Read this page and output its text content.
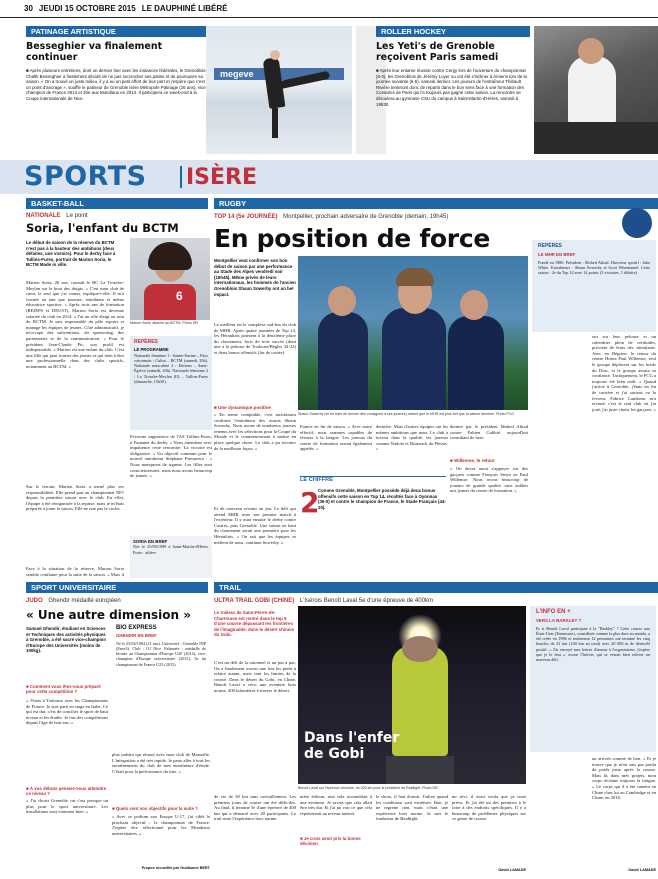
30 JEUDI 15 OCTOBRE 2015 LE DAUPHINÉ LIBÉRÉ
PATINAGE ARTISTIQUE
Besseghier va finalement continuer
■ Après plusieurs entretiens, dont un dernier hier avec les instances fédérales, le Grenoblois Chafik Besseghier a finalement décidé de ne pas raccrocher ses patins et de poursuivre sa saison. « On a trouvé un juste milieu, il y a eu un petit effort de leur part et j'espère que c'est un point d'ancrage », souffle le patineur de Grenoble isère Métropole Patinage (26 ans), vice champion de France 2013 et 20e aux Mondiaux en 2014. Il participera ce week-end à la Coupe internationale de Nice.
megeve
ROLLER HOCKEY
Les Yeti's de Grenoble reçoivent Paris samedi
■ Après leur entame réussie contre Cergy lors de l'ouverture du championnat (8-3), les Grenoblois de Jérémy Loyer ou ont été s'incliner à Amiens lors de la journée suivante (6-5), samedi dernier. Les joueurs de l'entraîneur Thibault Rivière tenteront donc de repartir dans le bon sens face à une formation des Corsaires de Paris qui l'a toujours pas gagné cette saison. La rencontre se déroulera au gymnase CSU du campus à Saint-Martin-d'Hères, samedi à 19h30.
SPORTS ISÈRE
BASKET-BALL
NATIONALE Le point
Soria, l'enfant du BCTM
Le début de saison de la réserve du BCTM n'est pas à la hauteur des ambitions (deux défaites, une victoire). Pour le derby face à Tullins-Fures, portrait de Marion Soria, le BCTM Made in ville.
6
Marion Soria, attaché au BCTM. Photo DR
Marion Soria, 26 ans, connaît le BC La Tronche-Meylan sur le bout des doigts. « C'est mon club de cœur, le seul que j'ai connu, explique-t-elle. Il m'a formée en tant que joueuse, entraîneur et même éducatrice sportive. » Après trois ans de formation (BEJEPS et DEUST), Marion Soria est devenue salariée du club en 2014. « J'ai un rôle élargi au sein du BCTM. Je suis responsable du pôle espoirs et manage les équipes de jeunes. Côté administratif, je m'occupe des subventions, du sponsoring, des partenariats et de la communication. » Pour le président Jean-Claude Pic, son profil est indispensable. « Marion est une enfant du club. C'est une fille qui peut former des jeunes et qui tient à être une professionnelle dans des clubs sportifs, notamment au BCTM. »
Sur le terrain, Marion Soria a mené plus ses responsabilités. Elle prend part au championnat NF1 depuis la première saison avec le club. En effet, l'équipe a été réorganisée à la reprise, mais je m'étais préparée à jouer la saison. Elle ne rate pas le coche.
REPÈRES
LE PROGRAMME
Nationale féminine 1 : Sainte-Savine – Pays voironnais ; Cultur – BCTM (samedi, 20h). Nationale masculine 2 : Decines – Saint-Égrève (samedi, 20h). Nationale féminine 2 : La Tronche-Meylan (II) – Tullins-Fures (dimanche, 15h30).
Fervente supportrice de l'AS Tullins-Fures, à Fontaine du derby. « Nous attendons avec impatience cette rencontre. La victoire est obligatoire. » Un objectif commun pour le nouvel entraîneur Stéphane Primavera : « Nous manquons de rigueur. Les filles sont consciencieuses, mais nous avons beaucoup de jeunes. »
SORIA EN BREF
Née le 25/09/1989 à Saint-Martin-d'Hères. Poste : ailière.
Face à la situation de la réserve, Marion Soria semble confiante pour la suite de la saison. « Mais il
RUGBY
TOP 14 (5e JOURNÉE) Montpellier, prochain adversaire de Grenoble (demain, 19h45)
En position de force
Montpellier veut confirmer son bon début de saison par une performance au Stade des Alpes vendredi soir (19h45). Même privés de leurs internationaux, les hommes de l'ancien Grenoblois Shaun Sowerby ont un bel impact.
Shaun Sowerby (ici en train de donner des consignes à ses joueurs) estime que le MHR est plus fort que la saison dernière. Photo FCG
Le meilleur est le complexe sud-bas du club de MHR. Après quatre journées de Top 14, les Héraultais pointent à la deuxième place du classement, forts de trois succès (dont une à la pelouse de Toulouse/Bègles 34-23) et deux bonus offensifs (fin de courte).
■ Une dynamique positive
« En terme comptable, c'est satisfaisant confirme l'entraîneur des avants Shaun Sowerby. Nous avons de nombreux joueurs retenus avec les sélections pour la Coupe du Monde et le commencement à mettre en place quelque chose. Le club a pu recruter de la meilleure façon. »
Et de nouveau revenir au jeu. Le défi qui attend MHR reste son premier match à l'extérieur. Il y aura ensuite le derby contre Castres, puis Grenoble. Une saison en haut du classement serait une première pour les Héraultais. « On sait que les équipes se méfient de nous, continue Sowerby. »
France en fin de saison. « Avec notre effectif, nous sommes capables de résister à la fatigue. Les joueurs du centre de formation seront également appelés. »
dernière. Mais d'autres équipes ont les mêmes ambitions que nous. Le club a investi dans la qualité, les joueurs comme Nadolo et Bismarck du Plessis. »
LE CHIFFRE
2
Comme Grenoble, Montpellier possède déjà deux bonus offensifs cette saison en Top 14, récoltés face à Oyonnax (35-0) et contre le champion de France, le Stade Français (44-20).
dernier par le président Mohed Altrad contre Fabien Galthié, aujourd'hui consultant de luxe.
■ Willemse, le retour
« On devra aussi s'appuyer sur des garçons comme François Steyn ou Paul Willemse. Nous avons beaucoup de joueurs de grande qualité, sans oublier nos jeunes du centre de formation. »
REPÈRES
LE MHR EN BREF
Fondé en 1986. Président : Mohed Altrad. Directeur sportif : Jake White. Entraîneurs : Shaun Sowerby et Scott Wisemantel. Cette saison : 2e du Top 14 avec 14 points (3 victoires, 1 défaite).
ont sur leur pelouse et un calendrier plein de certitudes, provient de leurs des stimulants. Avec en Bégrine, le retour du centre Hosea Paul Willemse, seul le groupe déplorera sur les bords du Drac, et le groupe assura sa confiance. Tactiquement, le FCG a toujours été bien rodé. « Quand j'arrive à Grenoble, j'étais en fin de carrière et j'ai surtout vu la ferveur. Fabrice Landreau m'a recruté, c'est le seul club où j'ai joué, j'ai juste choisi les garçons. »
SPORT UNIVERSITAIRE
JUDO Ghendir médaillé européen
« Une autre dimension »
Samuel Ghendir, étudiant en Sciences et Techniques des activités physiques à Grenoble, a été sacré vice-champion d'Europe des Universités (moins de 100kg).
■ Comment vous êtes-vous préparé pour cette compétition ?
« J'étais à Toulouse avec les Championnats de France. Je suis parti en stage en Italie. Ce qui est dur, c'est de concilier le sport de haut niveau et les études. Je fais des compétitions depuis l'âge de huit ans. »
■ À vos débuts pensiez-vous atteindre ce niveau ?
« J'ai choisi Grenoble car c'est presque un plus pour le sport universitaire. Les installations sont vraiment bien. »
BIO EXPRESS
GHENDIR EN BREF
Né le 25/02/1994 (21 ans). Université : Grenoble INP (Ense3). Club : OJ Nice. Palmarès : médaille de bronze au Championnat d'Europe U20 (2014), vice-champion d'Europe universitaire (2015), 3e du championnat de France U23 (2015).
plus judoka qui réussit avec mon club de Marseille. L'intégration a été très rapide. Je peux aller à tous les entraînements du club de mes entraîneurs d'étude. C'était pour la performance du titre. »
■ Quels sont vos objectifs pour la suite ?
« Avec ce podium aux Europe U-17, j'ai ciblé le prochain objectif : le championnat de France. J'espère être sélectionné pour les Mondiaux universitaires. »
Propos recueillis par Guillaume BERT
TRAIL
ULTRA TRAIL GOBI (CHINE) L'Isérois Benoît Laval 5e d'une épreuve de 400km
Le traileur de Saint-Pierre-de-Chartreuse est rentré dans le top 5 d'une course dépassant les frontières de l'imaginable, dans le désert chinois du Gobi.
Dans l'enfer de Gobi
Benoît Laval sur l'épreuve chinoise, du 400 km pour le président de Raidlight. Photo DR
C'est un défi de la rationnel et un pas à pas. On a finalement ouvert une fois les pieds à refaire autant, mais sont les limites de la course. Dans le désert du Gobi, en Chine, Benoît Laval a vécu une aventure hors norme. 400 kilomètres à travers le désert.
de vie de 30 km sans ravitaillement. Les premiers jours de course ont été difficiles. Au final, il termine 5e d'une épreuve de 400 km qui a démarré avec 40 participants. Le trail reste l'expérience hors norme.
nière édition, tout cela ressemblait à une aventure. Je savais que cela allait être très dur. Et j'ai pu voir ce que cela représentait au niveau mental.
■ Je crois avoir pris la bonne décision
le choix, il faut dormir. J'adore quand les conditions sont extrêmes. Bon, je ne regrette rien, mais c'était une expérience hors norme. Je suis le fondateur de Raidlight.
nu sévi, il avait voulu que ça reste prévu. Et j'ai été un des premiers à le faire à des endroits spécifiques. Il y a beaucoup de problèmes physiques sur ce genre de course.
David LAMADE
L'INFO EN +
VERS LA BARKLEY ?
Et si Benoît Laval participait à la "Barkley" ? Cette course aux États-Unis (Tennessee), considérée comme la plus dure au monde, a été créée en 1986 et seulement 12 personnes ont terminé les cinq boucles de 32 km (160 km au total) avec 20 000 m de dénivelé positif. « J'ai envoyé mes lettres d'amour à l'organisateur, j'espère que je le fera », avoue l'Isérois, qui se verrait bien relever un nouveau défi.
un arrivés comme de bon. « Et je trouve que je m'en suis pas perdu de poids juste après la course. Mais là, dans mes projets, mon corps réclame toujours la fatigue. » Ce corps qui il a été caméra en Chine chez lui au Cambodge et en Chine, en 2016.
David LAMADE
